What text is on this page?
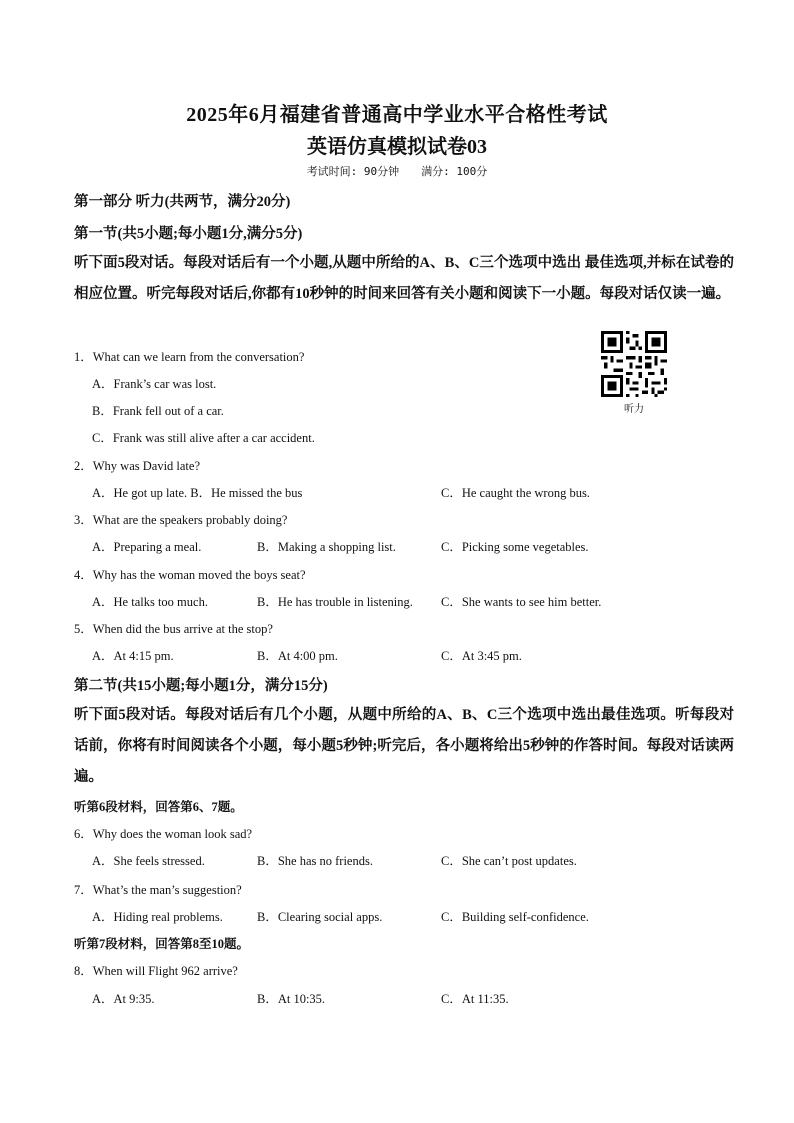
2025年6月福建省普通高中学业水平合格性考试
英语仿真模拟试卷03
考试时间: 90分钟 满分: 100分
第一部分 听力(共两节，满分20分)
第一节(共5小题;每小题1分,满分5分)
听下面5段对话。每段对话后有一个小题,从题中所给的A、B、C三个选项中选出 最佳选项,并标在试卷的相应位置。听完每段对话后,你都有10秒钟的时间来回答有关小题和阅读下一小题。每段对话仅读一遍。
听力
1．What can we learn from the conversation?
A．Frank’s car was lost.
B．Frank fell out of a car.
C．Frank was still alive after a car accident.
2．Why was David late?
A．He got up late. B．He missed the bus	C．He caught the wrong bus.
3．What are the speakers probably doing?
A．Preparing a meal.	B．Making a shopping list.	C．Picking some vegetables.
4．Why has the woman moved the boys seat?
A．He talks too much.	B．He has trouble in listening. C．She wants to see him better.
5．When did the bus arrive at the stop?
A．At 4:15 pm.	B．At 4:00 pm.	C．At 3:45 pm.
第二节(共15小题;每小题1分，满分15分)
听下面5段对话。每段对话后有几个小题，从题中所给的A、B、C三个选项中选出最佳选项。听每段对话前，你将有时间阅读各个小题，每小题5秒钟;听完后，各小题将给出5秒钟的作答时间。每段对话读两遍。
听第6段材料，回答第6、7题。
6．Why does the woman look sad?
A．She feels stressed.	B．She has no friends.	C．She can’t post updates.
7．What’s the man’s suggestion?
A．Hiding real problems.	B．Clearing social apps.	C．Building self-confidence.
听第7段材料，回答第8至10题。
8．When will Flight 962 arrive?
A．At 9:35.	B．At 10:35.	C．At 11:35.
